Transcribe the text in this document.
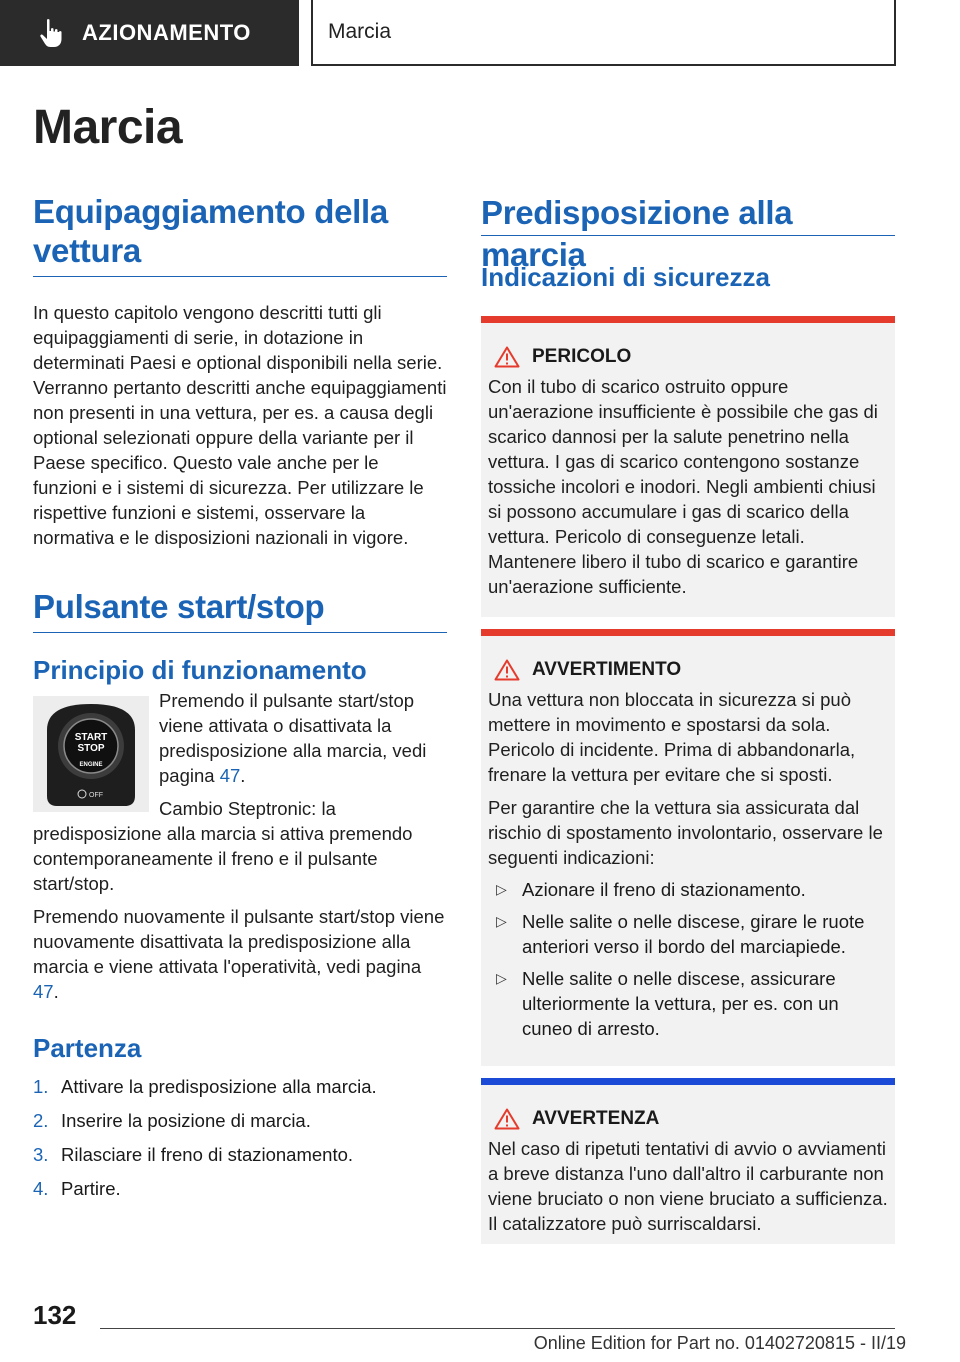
AZIONAMENTO	Marcia
Marcia
Equipaggiamento della vettura

In questo capitolo vengono descritti tutti gli equipaggiamenti di serie, in dotazione in determinati Paesi e optional disponibili nella serie. Verranno pertanto descritti anche equipaggiamenti non presenti in una vettura, per es. a causa degli optional selezionati oppure della variante per il Paese specifico. Questo vale anche per le funzioni e i sistemi di sicurezza. Per utilizzare le rispettive funzioni e sistemi, osservare la normativa e le disposizioni nazionali in vigore.

Pulsante start/stop
Principio di funzionamento
START
STOP
ENGINE
OFF

Premendo il pulsante start/stop viene attivata o disattivata la predisposizione alla marcia, vedi pagina 47.

Cambio Steptronic: la predisposizione alla marcia si attiva premendo contemporaneamente il freno e il pulsante start/stop.

Premendo nuovamente il pulsante start/stop viene nuovamente disattivata la predisposizione alla marcia e viene attivata l'operatività, vedi pagina 47.

Partenza
1. Attivare la predisposizione alla marcia.
2. Inserire la posizione di marcia.
3. Rilasciare il freno di stazionamento.
4. Partire.
Predisposizione alla marcia
Indicazioni di sicurezza
PERICOLO

Con il tubo di scarico ostruito oppure un'aerazione insufficiente è possibile che gas di scarico dannosi per la salute penetrino nella vettura. I gas di scarico contengono sostanze tossiche incolori e inodori. Negli ambienti chiusi si possono accumulare i gas di scarico della vettura. Pericolo di conseguenze letali. Mantenere libero il tubo di scarico e garantire un'aerazione sufficiente.

AVVERTIMENTO

Una vettura non bloccata in sicurezza si può mettere in movimento e spostarsi da sola. Pericolo di incidente. Prima di abbandonarla, frenare la vettura per evitare che si sposti.

Per garantire che la vettura sia assicurata dal rischio di spostamento involontario, osservare le seguenti indicazioni:

▷ Azionare il freno di stazionamento.
▷ Nelle salite o nelle discese, girare le ruote anteriori verso il bordo del marciapiede.
▷ Nelle salite o nelle discese, assicurare ulteriormente la vettura, per es. con un cuneo di arresto.
AVVERTENZA

Nel caso di ripetuti tentativi di avvio o avviamenti a breve distanza l'uno dall'altro il carburante non viene bruciato o non viene bruciato a sufficienza. Il catalizzatore può surriscaldarsi.

132
Online Edition for Part no. 01402720815 - II/19
